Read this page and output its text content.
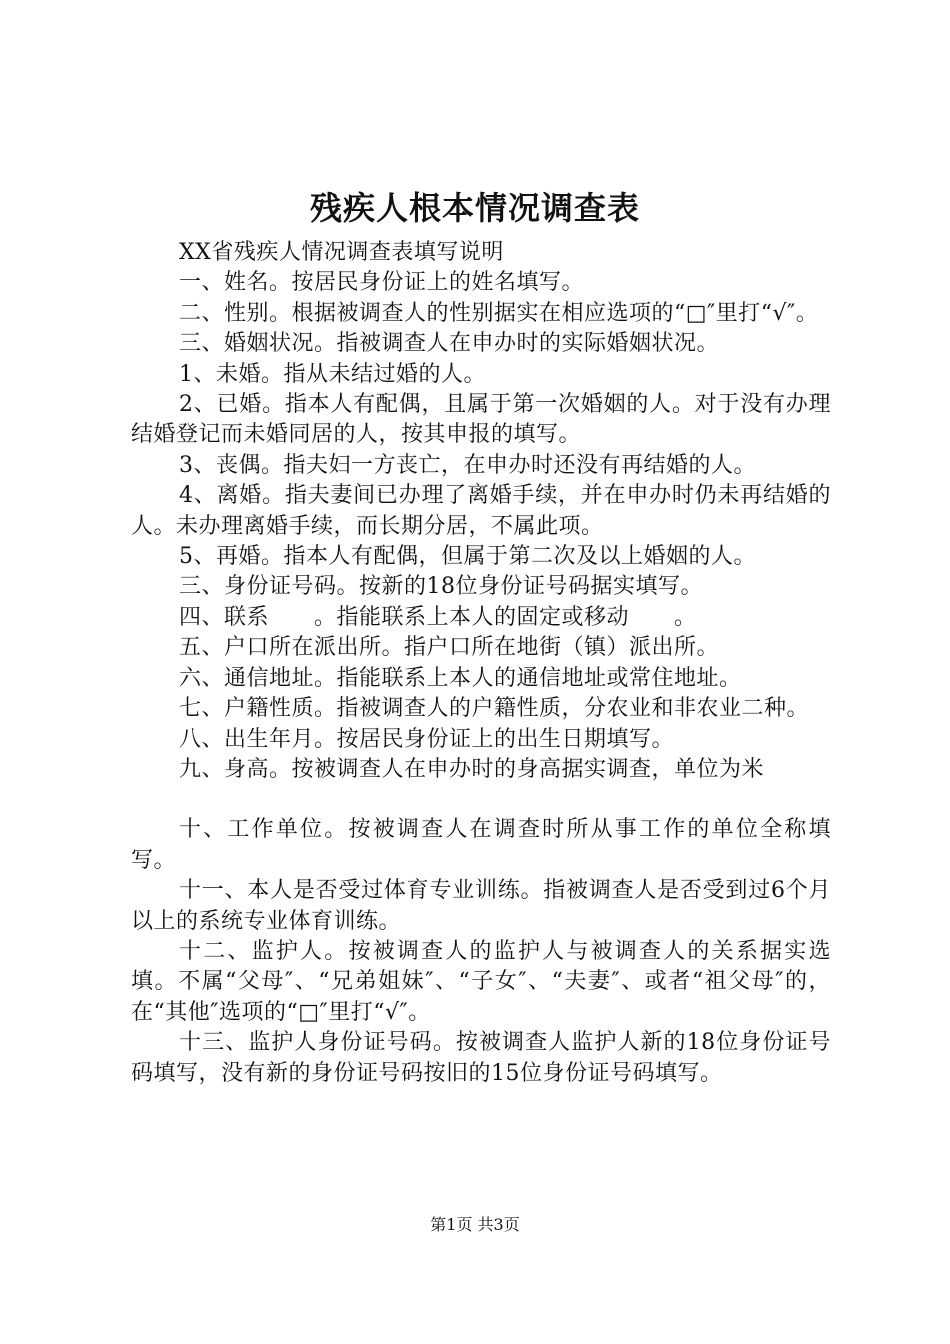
残疾人根本情况调查表

XX省残疾人情况调查表填写说明

一、姓名。按居民身份证上的姓名填写。

二、性别。根据被调查人的性别据实在相应选项的“□″里打“√″。

三、婚姻状况。指被调查人在申办时的实际婚姻状况。

1、未婚。指从未结过婚的人。

2、已婚。指本人有配偶，且属于第一次婚姻的人。对于没有办理结婚登记而未婚同居的人，按其申报的填写。

3、丧偶。指夫妇一方丧亡，在申办时还没有再结婚的人。

4、离婚。指夫妻间已办理了离婚手续，并在申办时仍未再结婚的人。未办理离婚手续，而长期分居，不属此项。

5、再婚。指本人有配偶，但属于第二次及以上婚姻的人。

三、身份证号码。按新的18位身份证号码据实填写。

四、联系　　。指能联系上本人的固定或移动　　。

五、户口所在派出所。指户口所在地街（镇）派出所。

六、通信地址。指能联系上本人的通信地址或常住地址。

七、户籍性质。指被调查人的户籍性质，分农业和非农业二种。

八、出生年月。按居民身份证上的出生日期填写。

九、身高。按被调查人在申办时的身高据实调查，单位为米

十、工作单位。按被调查人在调查时所从事工作的单位全称填写。

十一、本人是否受过体育专业训练。指被调查人是否受到过6个月以上的系统专业体育训练。

十二、监护人。按被调查人的监护人与被调查人的关系据实选填。不属“父母″、“兄弟姐妹″、“子女″、“夫妻″、或者“祖父母″的，在“其他″选项的“□″里打“√″。

十三、监护人身份证号码。按被调查人监护人新的18位身份证号码填写，没有新的身份证号码按旧的15位身份证号码填写。

第1页 共3页
